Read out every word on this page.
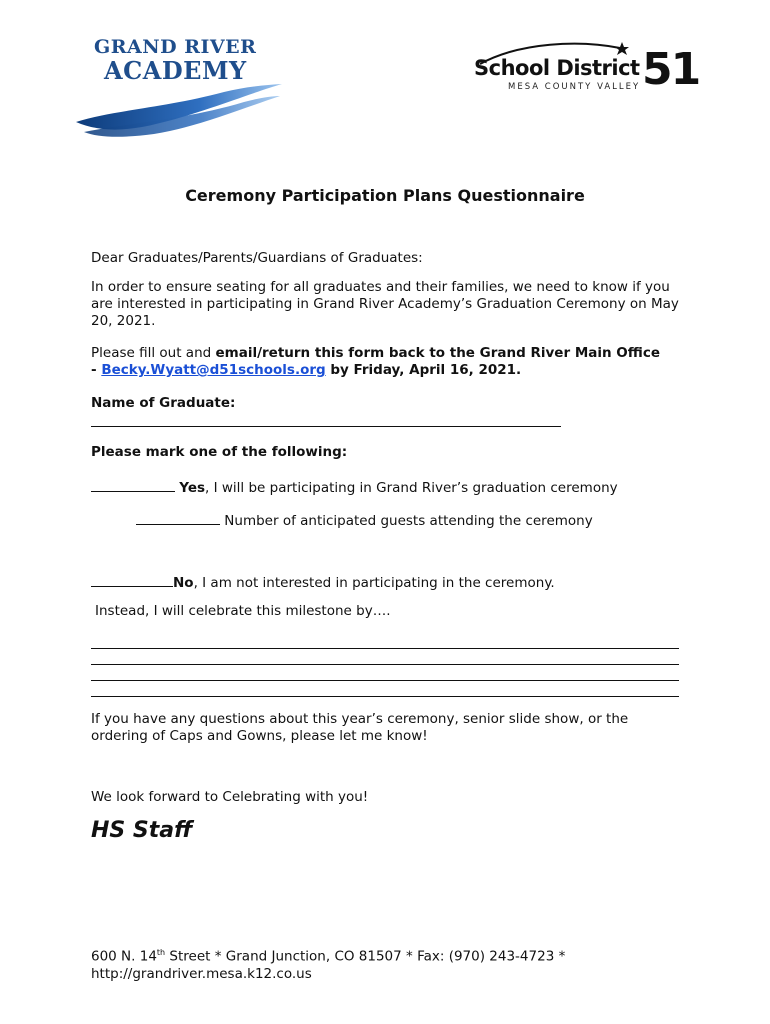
GRAND RIVER
ACADEMY	School District 51
MESA COUNTY VALLEY
Ceremony Participation Plans Questionnaire
Dear Graduates/Parents/Guardians of Graduates:
In order to ensure seating for all graduates and their families, we need to know if you are interested in participating in Grand River Academy’s Graduation Ceremony on May 20, 2021.
Please fill out and email/return this form back to the Grand River Main Office
- Becky.Wyatt@d51schools.org by Friday, April 16, 2021.
Name of Graduate:
Please mark one of the following:
Yes, I will be participating in Grand River’s graduation ceremony
Number of anticipated guests attending the ceremony
No, I am not interested in participating in the ceremony.
Instead, I will celebrate this milestone by….
If you have any questions about this year’s ceremony, senior slide show, or the ordering of Caps and Gowns, please let me know!
We look forward to Celebrating with you!
HS Staff
600 N. 14th Street * Grand Junction, CO 81507 * Fax: (970) 243-4723 *
http://grandriver.mesa.k12.co.us
